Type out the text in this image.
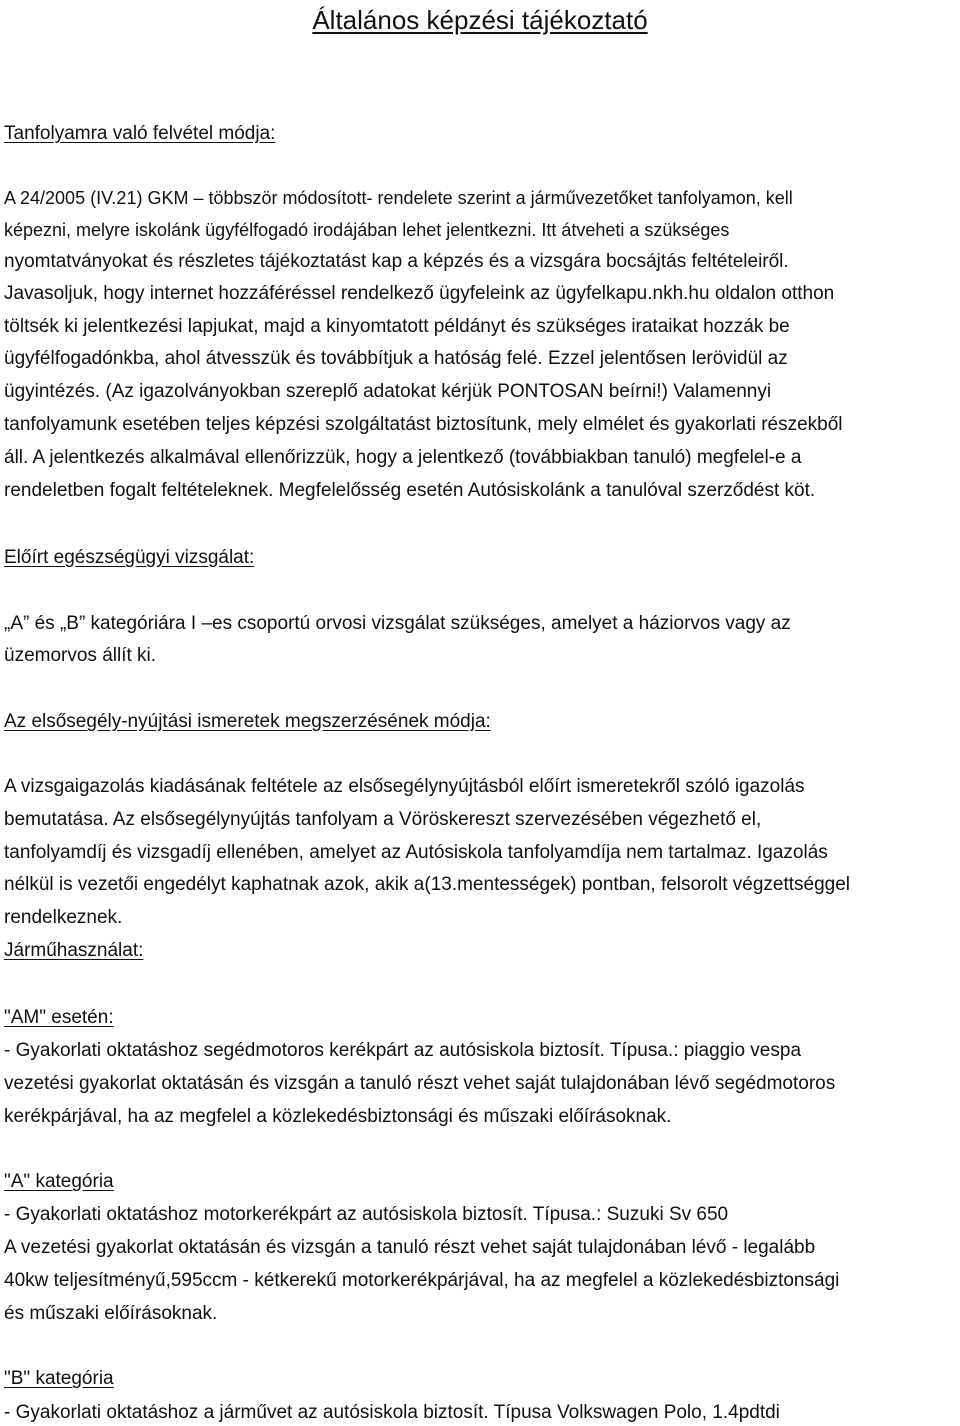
Általános képzési tájékoztató
Tanfolyamra való felvétel módja:
A 24/2005 (IV.21) GKM – többször módosított- rendelete szerint a járművezetőket tanfolyamon, kell
képezni, melyre iskolánk ügyfélfogadó irodájában lehet jelentkezni. Itt átveheti a szükséges
nyomtatványokat és részletes tájékoztatást kap a képzés és a vizsgára bocsájtás feltételeiről.
Javasoljuk, hogy internet hozzáféréssel rendelkező ügyfeleink az ügyfelkapu.nkh.hu oldalon otthon
töltsék ki jelentkezési lapjukat, majd a kinyomtatott példányt és szükséges irataikat hozzák be
ügyfélfogadónkba, ahol átvesszük és továbbítjuk a hatóság felé. Ezzel jelentősen lerövidül az
ügyintézés. (Az igazolványokban szereplő adatokat kérjük PONTOSAN beírni!) Valamennyi
tanfolyamunk esetében teljes képzési szolgáltatást biztosítunk, mely elmélet és gyakorlati részekből
áll. A jelentkezés alkalmával ellenőrizzük, hogy a jelentkező (továbbiakban tanuló) megfelel-e a
rendeletben fogalt feltételeknek. Megfelelősség esetén Autósiskolánk a tanulóval szerződést köt.
Előírt egészségügyi vizsgálat:
„A” és „B” kategóriára I –es csoportú orvosi vizsgálat szükséges, amelyet a háziorvos vagy az
üzemorvos állít ki.
Az elsősegély-nyújtási ismeretek megszerzésének módja:
A vizsgaigazolás kiadásának feltétele az elsősegélynyújtásból előírt ismeretekről szóló igazolás
bemutatása. Az elsősegélynyújtás tanfolyam a Vöröskereszt szervezésében végezhető el,
tanfolyamdíj és vizsgadíj ellenében, amelyet az Autósiskola tanfolyamdíja nem tartalmaz. Igazolás
nélkül is vezetői engedélyt kaphatnak azok, akik a(13.mentességek) pontban, felsorolt végzettséggel
rendelkeznek.
Járműhasználat:
"AM" esetén:
- Gyakorlati oktatáshoz segédmotoros kerékpárt az autósiskola biztosít. Típusa.: piaggio vespa
vezetési gyakorlat oktatásán és vizsgán a tanuló részt vehet saját tulajdonában lévő segédmotoros
kerékpárjával, ha az megfelel a közlekedésbiztonsági és műszaki előírásoknak.
"A" kategória
- Gyakorlati oktatáshoz motorkerékpárt az autósiskola biztosít. Típusa.: Suzuki Sv 650
A vezetési gyakorlat oktatásán és vizsgán a tanuló részt vehet saját tulajdonában lévő - legalább
40kw teljesítményű,595ccm - kétkerekű motorkerékpárjával, ha az megfelel a közlekedésbiztonsági
és műszaki előírásoknak.
"B" kategória
- Gyakorlati oktatáshoz a járművet az autósiskola biztosít. Típusa Volkswagen Polo, 1.4pdtdi
